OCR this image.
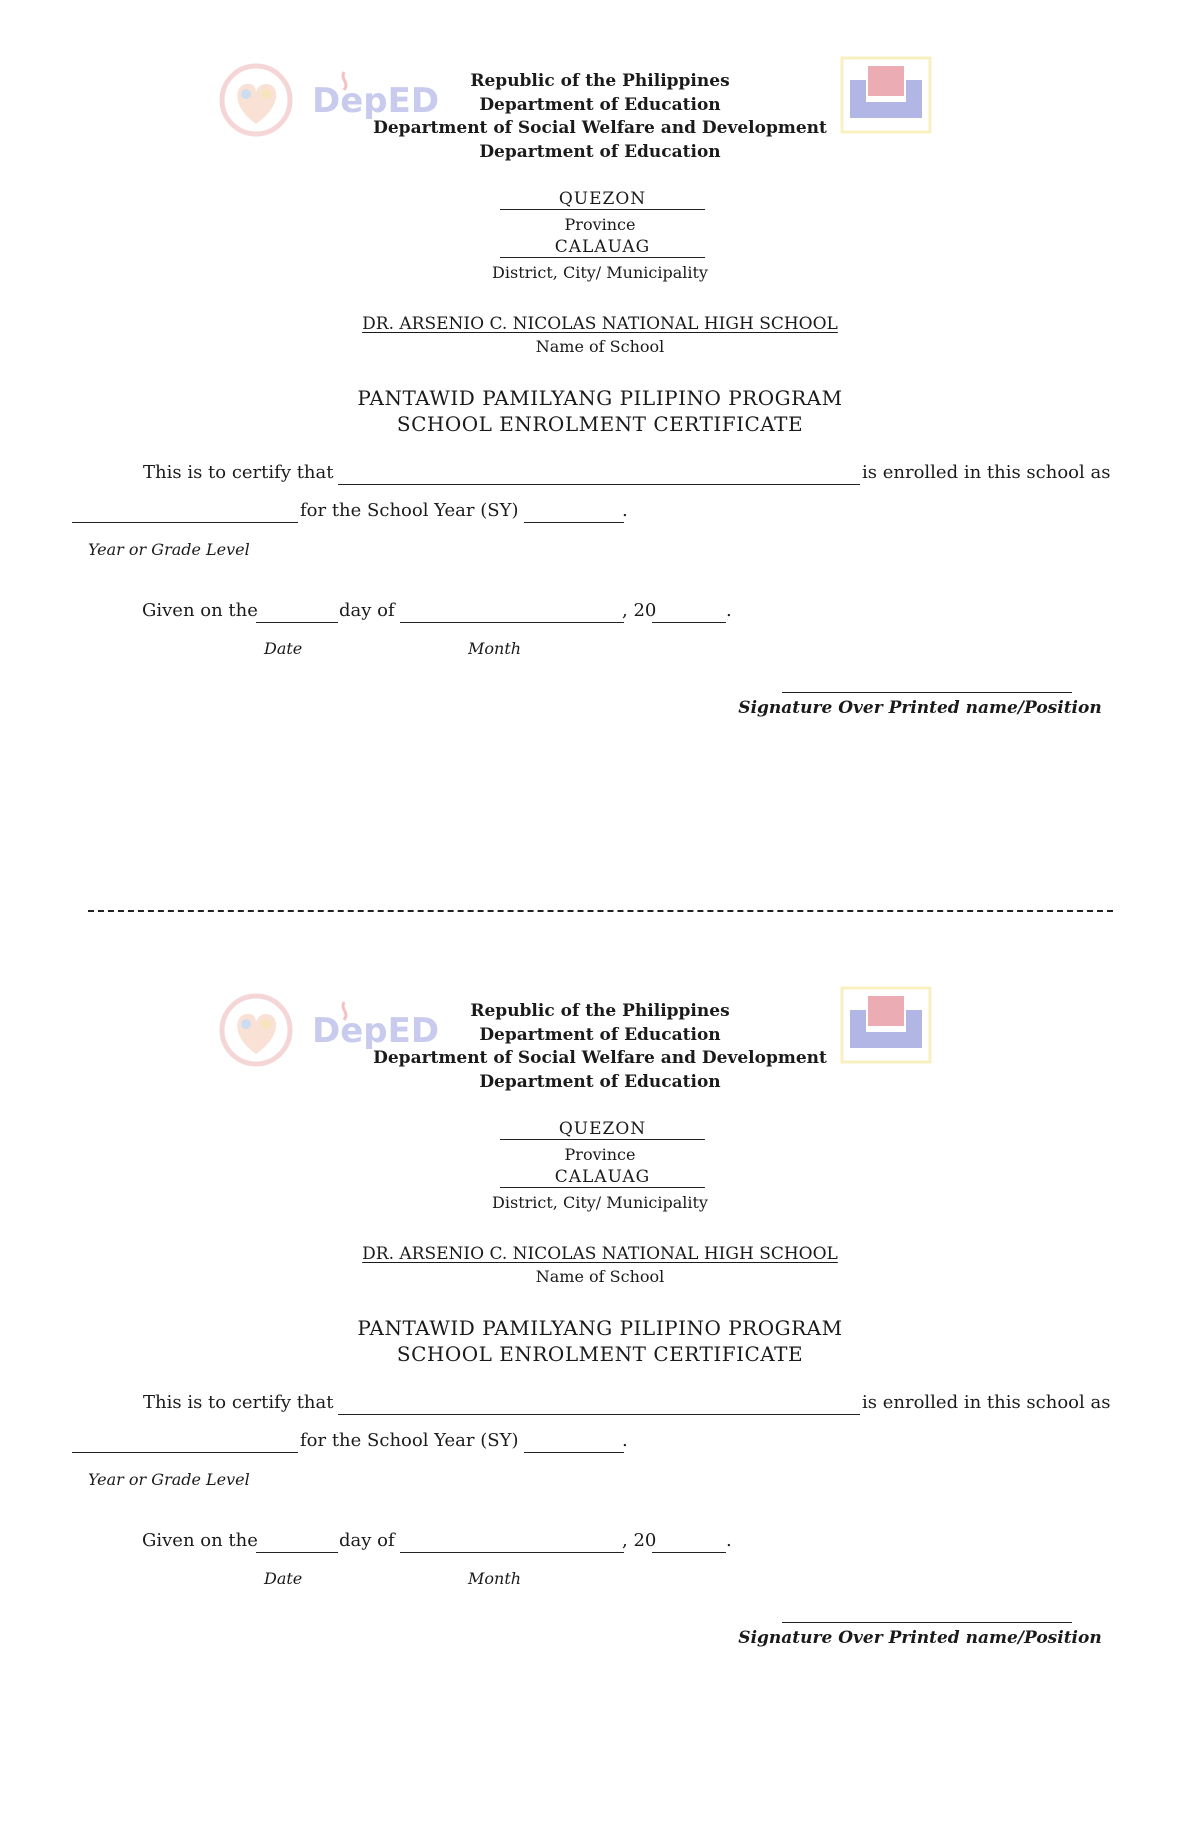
DepED	Republic of the Philippines
Department of Education
Department of Social Welfare and Development
Department of Education
QUEZON
Province
CALAUAG
District, City/ Municipality
DR. ARSENIO C. NICOLAS NATIONAL HIGH SCHOOL
Name of School
PANTAWID PAMILYANG PILIPINO PROGRAM
SCHOOL ENROLMENT CERTIFICATE
This is to certify that	is enrolled in this school as
for the School Year (SY)	.
Year or Grade Level
Given on the	day of	, 20	.
Date	Month
Signature Over Printed name/Position
DepED	Republic of the Philippines
Department of Education
Department of Social Welfare and Development
Department of Education
QUEZON
Province
CALAUAG
District, City/ Municipality
DR. ARSENIO C. NICOLAS NATIONAL HIGH SCHOOL
Name of School
PANTAWID PAMILYANG PILIPINO PROGRAM
SCHOOL ENROLMENT CERTIFICATE
This is to certify that	is enrolled in this school as
for the School Year (SY)	.
Year or Grade Level
Given on the	day of	, 20	.
Date	Month
Signature Over Printed name/Position
